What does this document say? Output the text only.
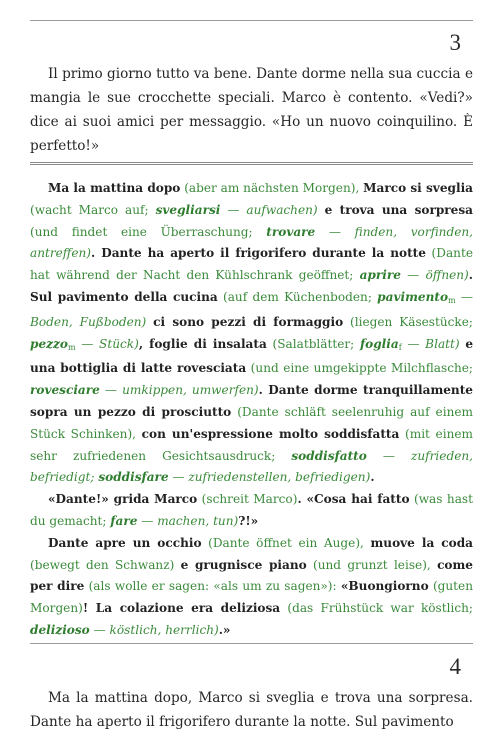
3

Il primo giorno tutto va bene. Dante dorme nella sua cuccia e mangia le sue crocchette speciali. Marco è contento. «Vedi?» dice ai suoi amici per messaggio. «Ho un nuovo coinquilino. È perfetto!»

Ma la mattina dopo (aber am nächsten Morgen), Marco si sveglia (wacht Marco auf; svegliarsi — aufwachen) e trova una sorpresa (und findet eine Überraschung; trovare — finden, vorfinden, antreffen). Dante ha aperto il frigorifero durante la notte (Dante hat während der Nacht den Kühlschrank geöffnet; aprire — öffnen). Sul pavimento della cucina (auf dem Küchenboden; pavimento$_m$ — Boden, Fußboden) ci sono pezzi di formaggio (liegen Käsestücke; pezzo$_m$ — Stück), foglie di insalata (Salatblätter; foglia$_f$ — Blatt) e una bottiglia di latte rovesciata (und eine umgekippte Milchflasche; rovesciare — umkippen, umwerfen). Dante dorme tranquillamente sopra un pezzo di prosciutto (Dante schläft seelenruhig auf einem Stück Schinken), con un'espressione molto soddisfatta (mit einem sehr zufriedenen Gesichtsausdruck; soddisfatto — zufrieden, befriedigt; soddisfare — zufriedenstellen, befriedigen).

«Dante!» grida Marco (schreit Marco). «Cosa hai fatto (was hast du gemacht; fare — machen, tun)?!»

Dante apre un occhio (Dante öffnet ein Auge), muove la coda (bewegt den Schwanz) e grugnisce piano (und grunzt leise), come per dire (als wolle er sagen: «als um zu sagen»): «Buongiorno (guten Morgen)! La colazione era deliziosa (das Frühstück war köstlich; delizioso — köstlich, herrlich).»

4

Ma la mattina dopo, Marco si sveglia e trova una sorpresa. Dante ha aperto il frigorifero durante la notte. Sul pavimento
